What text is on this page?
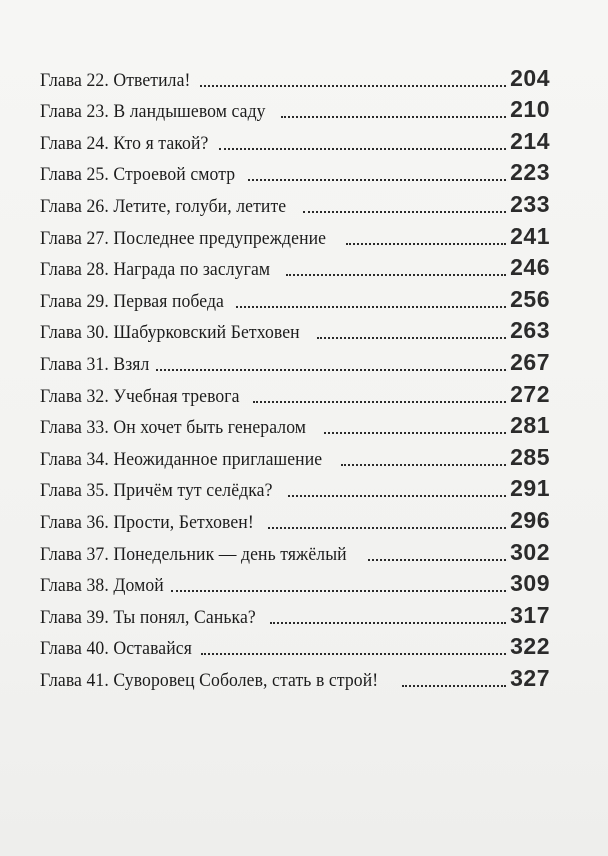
Глава 22. Ответила!	204
Глава 23. В ландышевом саду	210
Глава 24. Кто я такой?	214
Глава 25. Строевой смотр	223
Глава 26. Летите, голуби, летите	233
Глава 27. Последнее предупреждение	241
Глава 28. Награда по заслугам	246
Глава 29. Первая победа	256
Глава 30. Шабурковский Бетховен	263
Глава 31. Взял	267
Глава 32. Учебная тревога	272
Глава 33. Он хочет быть генералом	281
Глава 34. Неожиданное приглашение	285
Глава 35. Причём тут селёдка?	291
Глава 36. Прости, Бетховен!	296
Глава 37. Понедельник — день тяжёлый	302
Глава 38. Домой	309
Глава 39. Ты понял, Санька?	317
Глава 40. Оставайся	322
Глава 41. Суворовец Соболев, стать в строй!	327
